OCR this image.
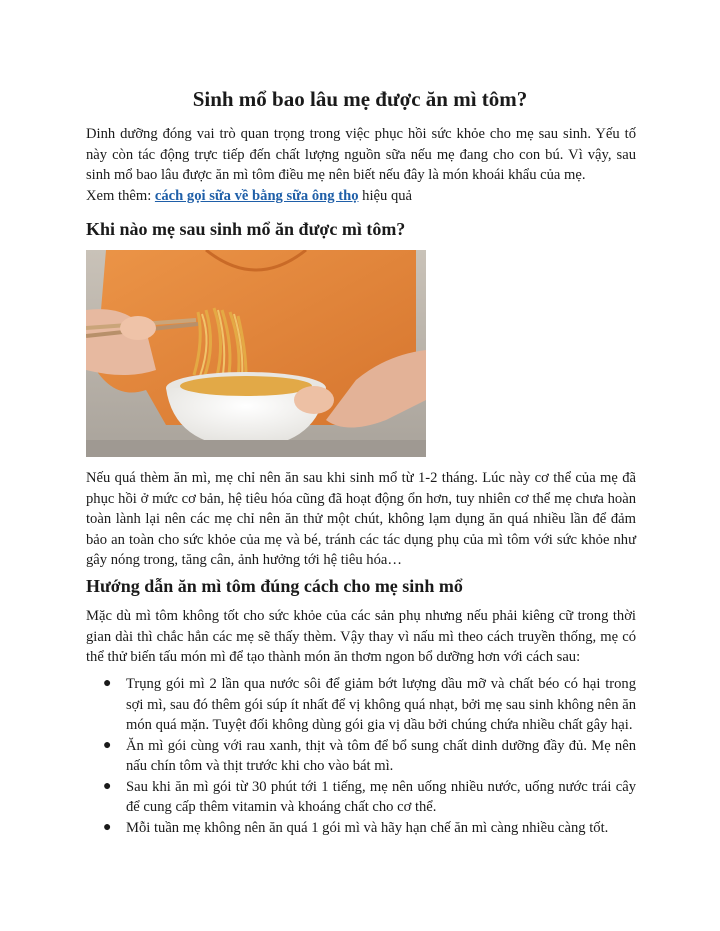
Sinh mổ bao lâu mẹ được ăn mì tôm?

Dinh dưỡng đóng vai trò quan trọng trong việc phục hồi sức khỏe cho mẹ sau sinh. Yếu tố này còn tác động trực tiếp đến chất lượng nguồn sữa nếu mẹ đang cho con bú. Vì vậy, sau sinh mổ bao lâu được ăn mì tôm điều mẹ nên biết nếu đây là món khoái khẩu của mẹ.

Xem thêm: cách gọi sữa về bằng sữa ông thọ hiệu quả

Khi nào mẹ sau sinh mổ ăn được mì tôm?

Nếu quá thèm ăn mì, mẹ chỉ nên ăn sau khi sinh mổ từ 1-2 tháng. Lúc này cơ thể của mẹ đã phục hồi ở mức cơ bản, hệ tiêu hóa cũng đã hoạt động ổn hơn, tuy nhiên cơ thể mẹ chưa hoàn toàn lành lại nên các mẹ chỉ nên ăn thử một chút, không lạm dụng ăn quá nhiều lần để đảm bảo an toàn cho sức khỏe của mẹ và bé, tránh các tác dụng phụ của mì tôm với sức khỏe như gây nóng trong, tăng cân, ảnh hưởng tới hệ tiêu hóa…

Hướng dẫn ăn mì tôm đúng cách cho mẹ sinh mổ

Mặc dù mì tôm không tốt cho sức khỏe của các sản phụ nhưng nếu phải kiêng cữ trong thời gian dài thì chắc hẳn các mẹ sẽ thấy thèm. Vậy thay vì nấu mì theo cách truyền thống, mẹ có thể thử biến tấu món mì để tạo thành món ăn thơm ngon bổ dưỡng hơn với cách sau:

● Trụng gói mì 2 lần qua nước sôi để giảm bớt lượng dầu mỡ và chất béo có hại trong sợi mì, sau đó thêm gói súp ít nhất để vị không quá nhạt, bởi mẹ sau sinh không nên ăn món quá mặn. Tuyệt đối không dùng gói gia vị dầu bởi chúng chứa nhiều chất gây hại.
● Ăn mì gói cùng với rau xanh, thịt và tôm để bổ sung chất dinh dưỡng đầy đủ. Mẹ nên nấu chín tôm và thịt trước khi cho vào bát mì.
● Sau khi ăn mì gói từ 30 phút tới 1 tiếng, mẹ nên uống nhiều nước, uống nước trái cây để cung cấp thêm vitamin và khoáng chất cho cơ thể.
● Mỗi tuần mẹ không nên ăn quá 1 gói mì và hãy hạn chế ăn mì càng nhiều càng tốt.
